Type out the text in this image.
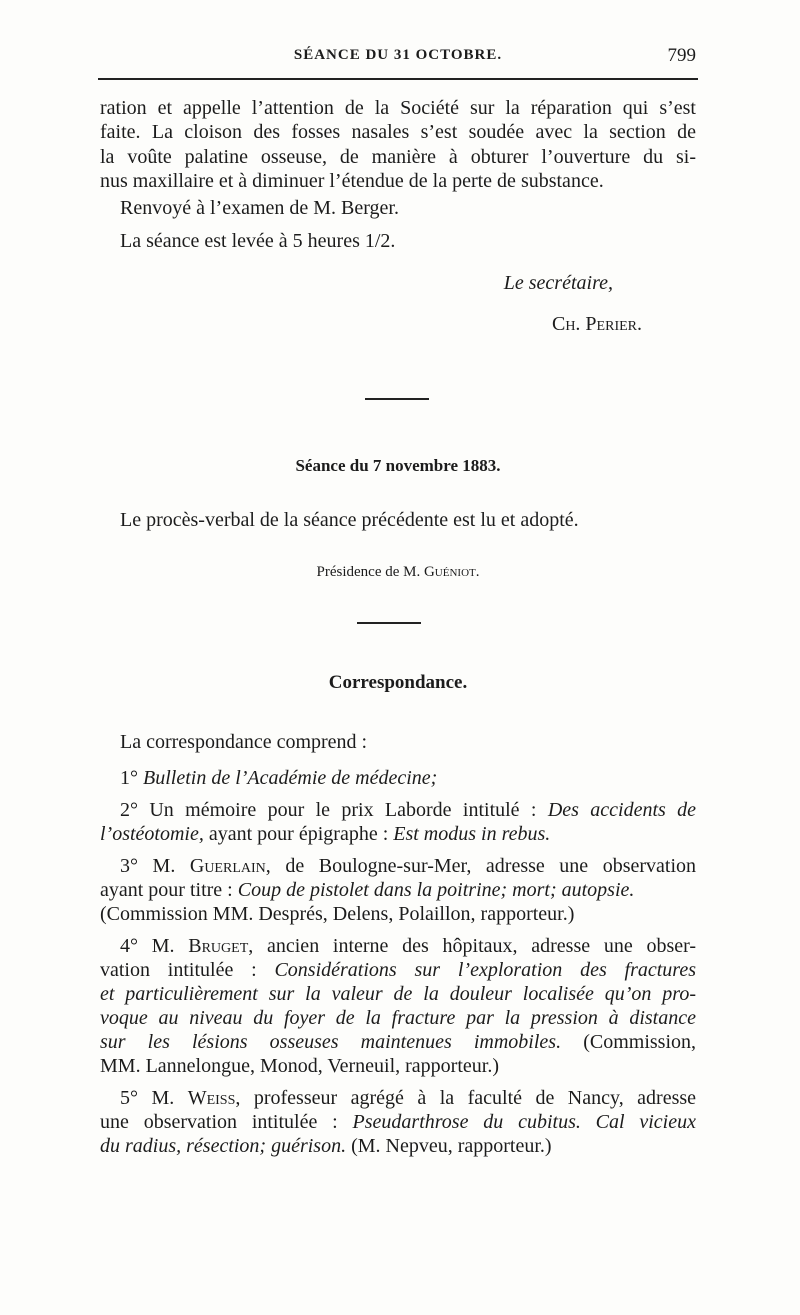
SÉANCE DU 31 OCTOBRE.	799
ration et appelle l’attention de la Société sur la réparation qui s’est
faite. La cloison des fosses nasales s’est soudée avec la section de
la voûte palatine osseuse, de manière à obturer l’ouverture du si-
nus maxillaire et à diminuer l’étendue de la perte de substance.
Renvoyé à l’examen de M. Berger.
La séance est levée à 5 heures 1/2.
Le secrétaire,
Ch. Perier.
Séance du 7 novembre 1883.
Le procès-verbal de la séance précédente est lu et adopté.
Présidence de M. Guéniot.
Correspondance.
La correspondance comprend :
1° Bulletin de l’Académie de médecine;
2° Un mémoire pour le prix Laborde intitulé : Des accidents de
l’ostéotomie, ayant pour épigraphe : Est modus in rebus.
3° M. Guerlain, de Boulogne-sur-Mer, adresse une observation
ayant pour titre : Coup de pistolet dans la poitrine; mort; autopsie.
(Commission MM. Després, Delens, Polaillon, rapporteur.)
4° M. Bruget, ancien interne des hôpitaux, adresse une obser-
vation intitulée : Considérations sur l’exploration des fractures
et particulièrement sur la valeur de la douleur localisée qu’on pro-
voque au niveau du foyer de la fracture par la pression à distance
sur les lésions osseuses maintenues immobiles. (Commission,
MM. Lannelongue, Monod, Verneuil, rapporteur.)
5° M. Weiss, professeur agrégé à la faculté de Nancy, adresse
une observation intitulée : Pseudarthrose du cubitus. Cal vicieux
du radius, résection; guérison. (M. Nepveu, rapporteur.)
